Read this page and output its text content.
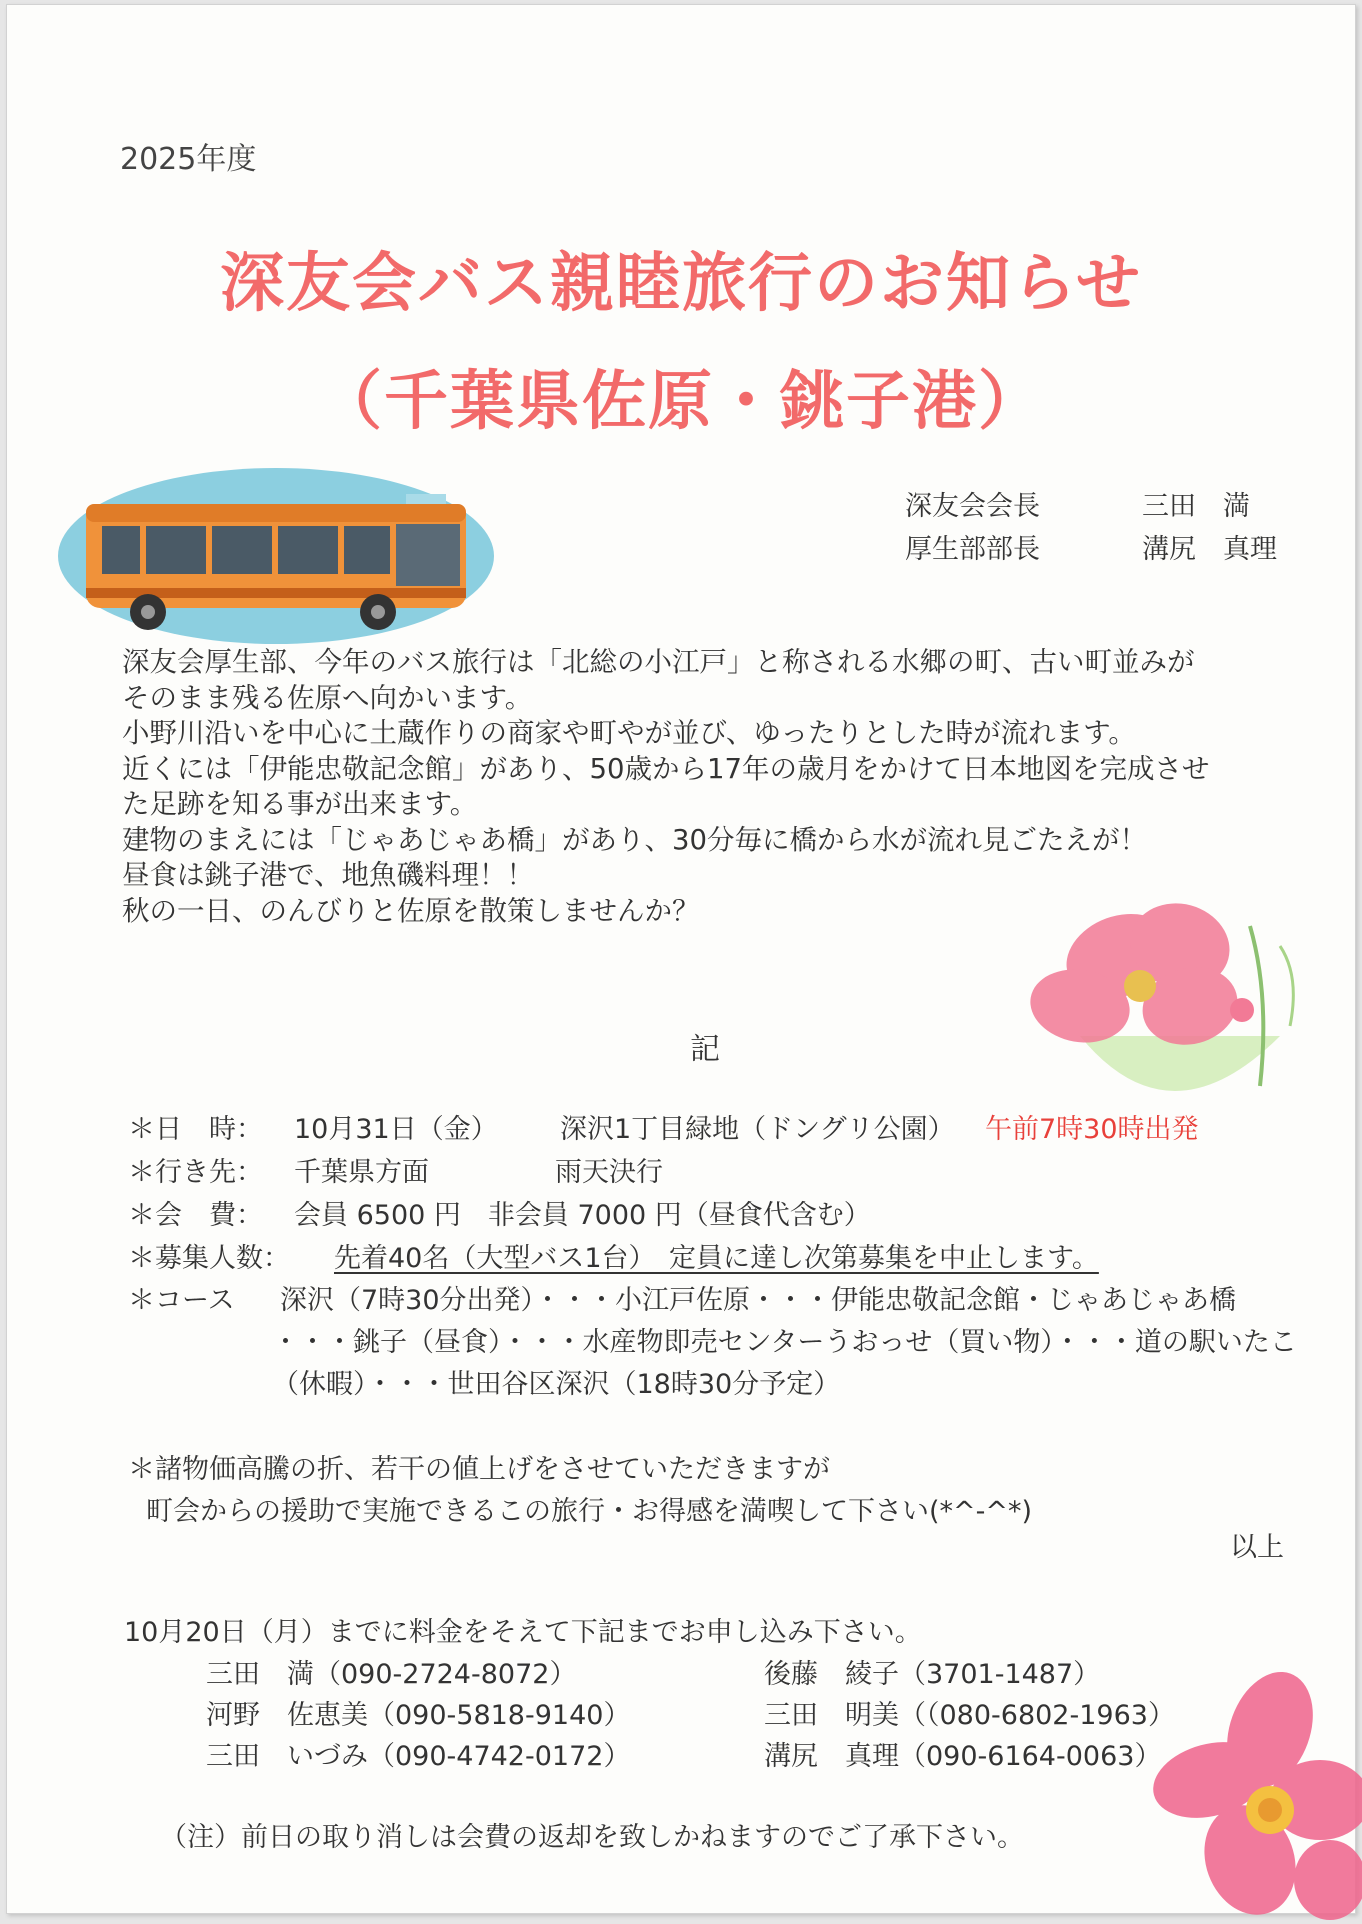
2025年度
深友会バス親睦旅行のお知らせ
（千葉県佐原・銚子港）
深友会会長	三田　満
厚生部部長	溝尻　真理

深友会厚生部、今年のバス旅行は「北総の小江戸」と称される水郷の町、古い町並みが

そのまま残る佐原へ向かいます。

小野川沿いを中心に土蔵作りの商家や町やが並び、ゆったりとした時が流れます。

近くには「伊能忠敬記念館」があり、50歳から17年の歳月をかけて日本地図を完成させ

た足跡を知る事が出来ます。

建物のまえには「じゃあじゃあ橋」があり、30分毎に橋から水が流れ見ごたえが！

昼食は銚子港で、地魚磯料理！！

秋の一日、のんびりと佐原を散策しませんか？

記
＊日　時： 10月31日（金） 深沢1丁目緑地（ドングリ公園） 午前7時30時出発
＊行き先： 千葉県方面	雨天決行
＊会　費： 会員 6500 円　非会員 7000 円（昼食代含む）
＊募集人数： 先着40名（大型バス1台）　定員に達し次第募集を中止します。
＊コース 深沢（7時30分出発）・・・小江戸佐原・・・伊能忠敬記念館・じゃあじゃあ橋
・・・銚子（昼食）・・・水産物即売センターうおっせ（買い物）・・・道の駅いたこ
（休暇）・・・世田谷区深沢（18時30分予定）
＊諸物価高騰の折、若干の値上げをさせていただきますが
町会からの援助で実施できるこの旅行・お得感を満喫して下さい(*^-^*)
以上
10月20日（月）までに料金をそえて下記までお申し込み下さい。
三田　満（090-2724-8072）	後藤　綾子（3701-1487）
河野　佐恵美（090-5818-9140）	三田　明美（（080-6802-1963）
三田　いづみ（090-4742-0172）	溝尻　真理（090-6164-0063）
（注）前日の取り消しは会費の返却を致しかねますのでご了承下さい。
